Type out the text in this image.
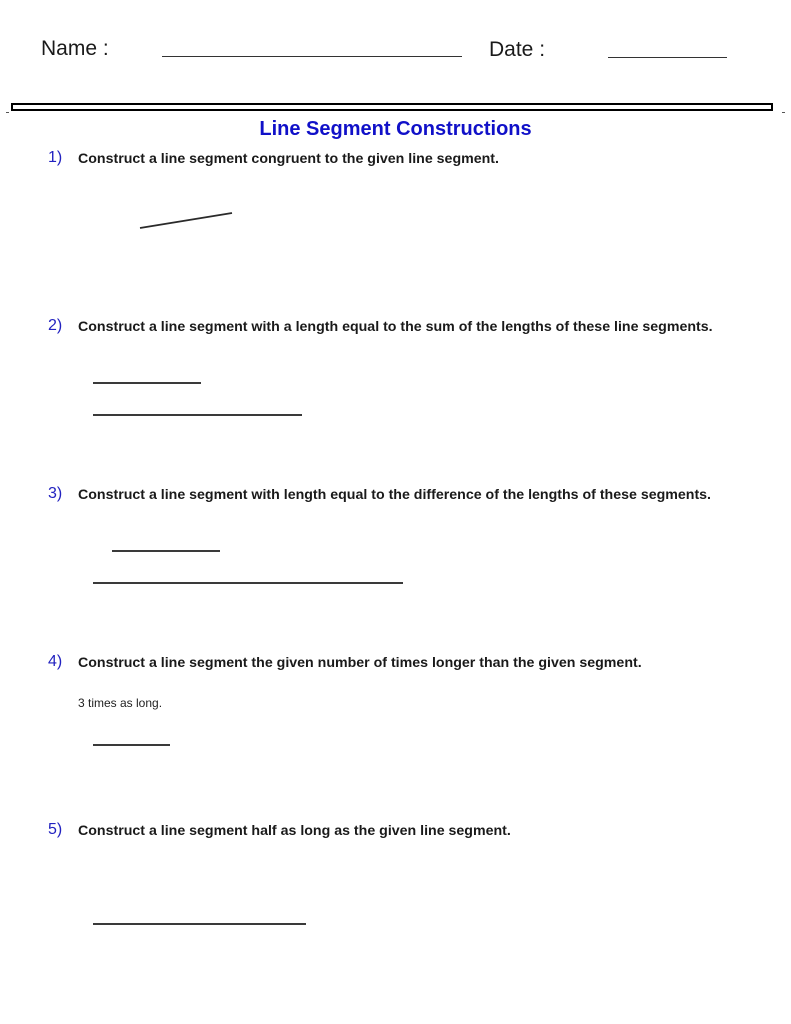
Name :	Date :
Line Segment Constructions
1) Construct a line segment congruent to the given line segment.
2) Construct a line segment with a length equal to the sum of the lengths of these line segments.
3) Construct a line segment with length equal to the difference of the lengths of these segments.
4) Construct a line segment the given number of times longer than the given segment.
3 times as long.
5) Construct a line segment half as long as the given line segment.
